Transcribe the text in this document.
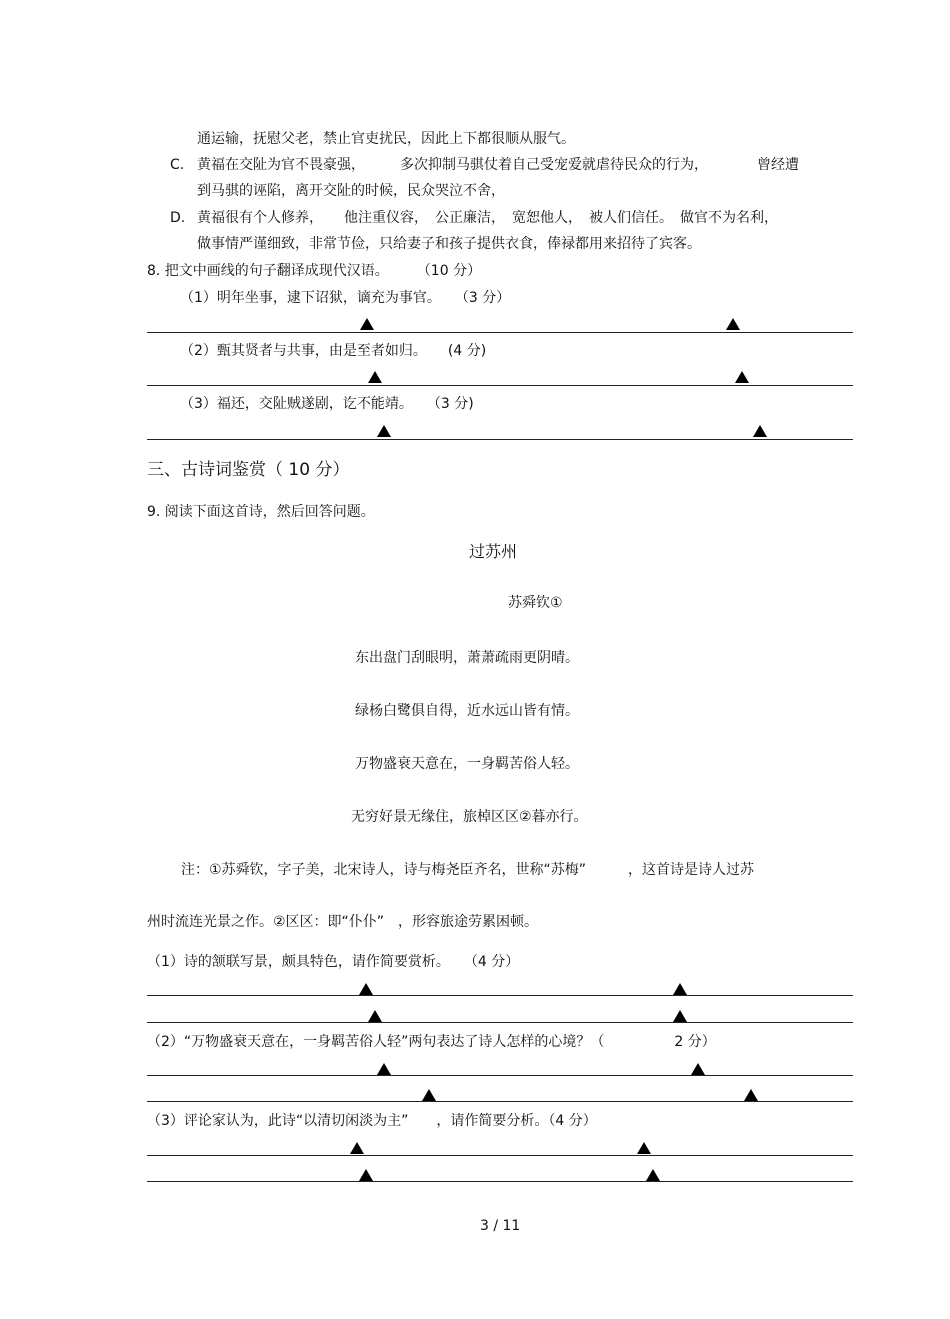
通运输，抚慰父老，禁止官吏扰民，因此上下都很顺从服气。
C. 黄福在交阯为官不畏豪强，　　　多次抑制马骐仗着自己受宠爱就虐待民众的行为，　　　　曾经遭
到马骐的诬陷，离开交阯的时候，民众哭泣不舍，
D. 黄福很有个人修养，　　他注重仪容，　公正廉洁，　宽恕他人，　被人们信任。　做官不为名利，
做事情严谨细致，非常节俭，只给妻子和孩子提供衣食，俸禄都用来招待了宾客。
8. 把文中画线的句子翻译成现代汉语。　　　（10 分）
（1）明年坐事，逮下诏狱，谪充为事官。　　（3 分）
（2）甄其贤者与共事，由是至者如归。　　(4 分)
（3）福还，交阯贼遂剧，讫不能靖。　　（3 分)
三、古诗词鉴赏（ 10 分）
9. 阅读下面这首诗，然后回答问题。
过苏州
苏舜钦①
东出盘门刮眼明，萧萧疏雨更阴晴。
绿杨白鹭俱自得，近水远山皆有情。
万物盛衰天意在，一身羁苦俗人轻。
无穷好景无缘住，旅棹区区②暮亦行。
注：①苏舜钦，字子美，北宋诗人，诗与梅尧臣齐名，世称“苏梅”　　　，这首诗是诗人过苏
州时流连光景之作。②区区：即“仆仆”　，形容旅途劳累困顿。
（1）诗的颔联写景，颇具特色，请作简要赏析。　　（4 分）
（2）“万物盛衰天意在，一身羁苦俗人轻”两句表达了诗人怎样的心境？（　　　　　2 分）
（3）评论家认为，此诗“以清切闲淡为主”　　，请作简要分析。（4 分）
3 / 11
